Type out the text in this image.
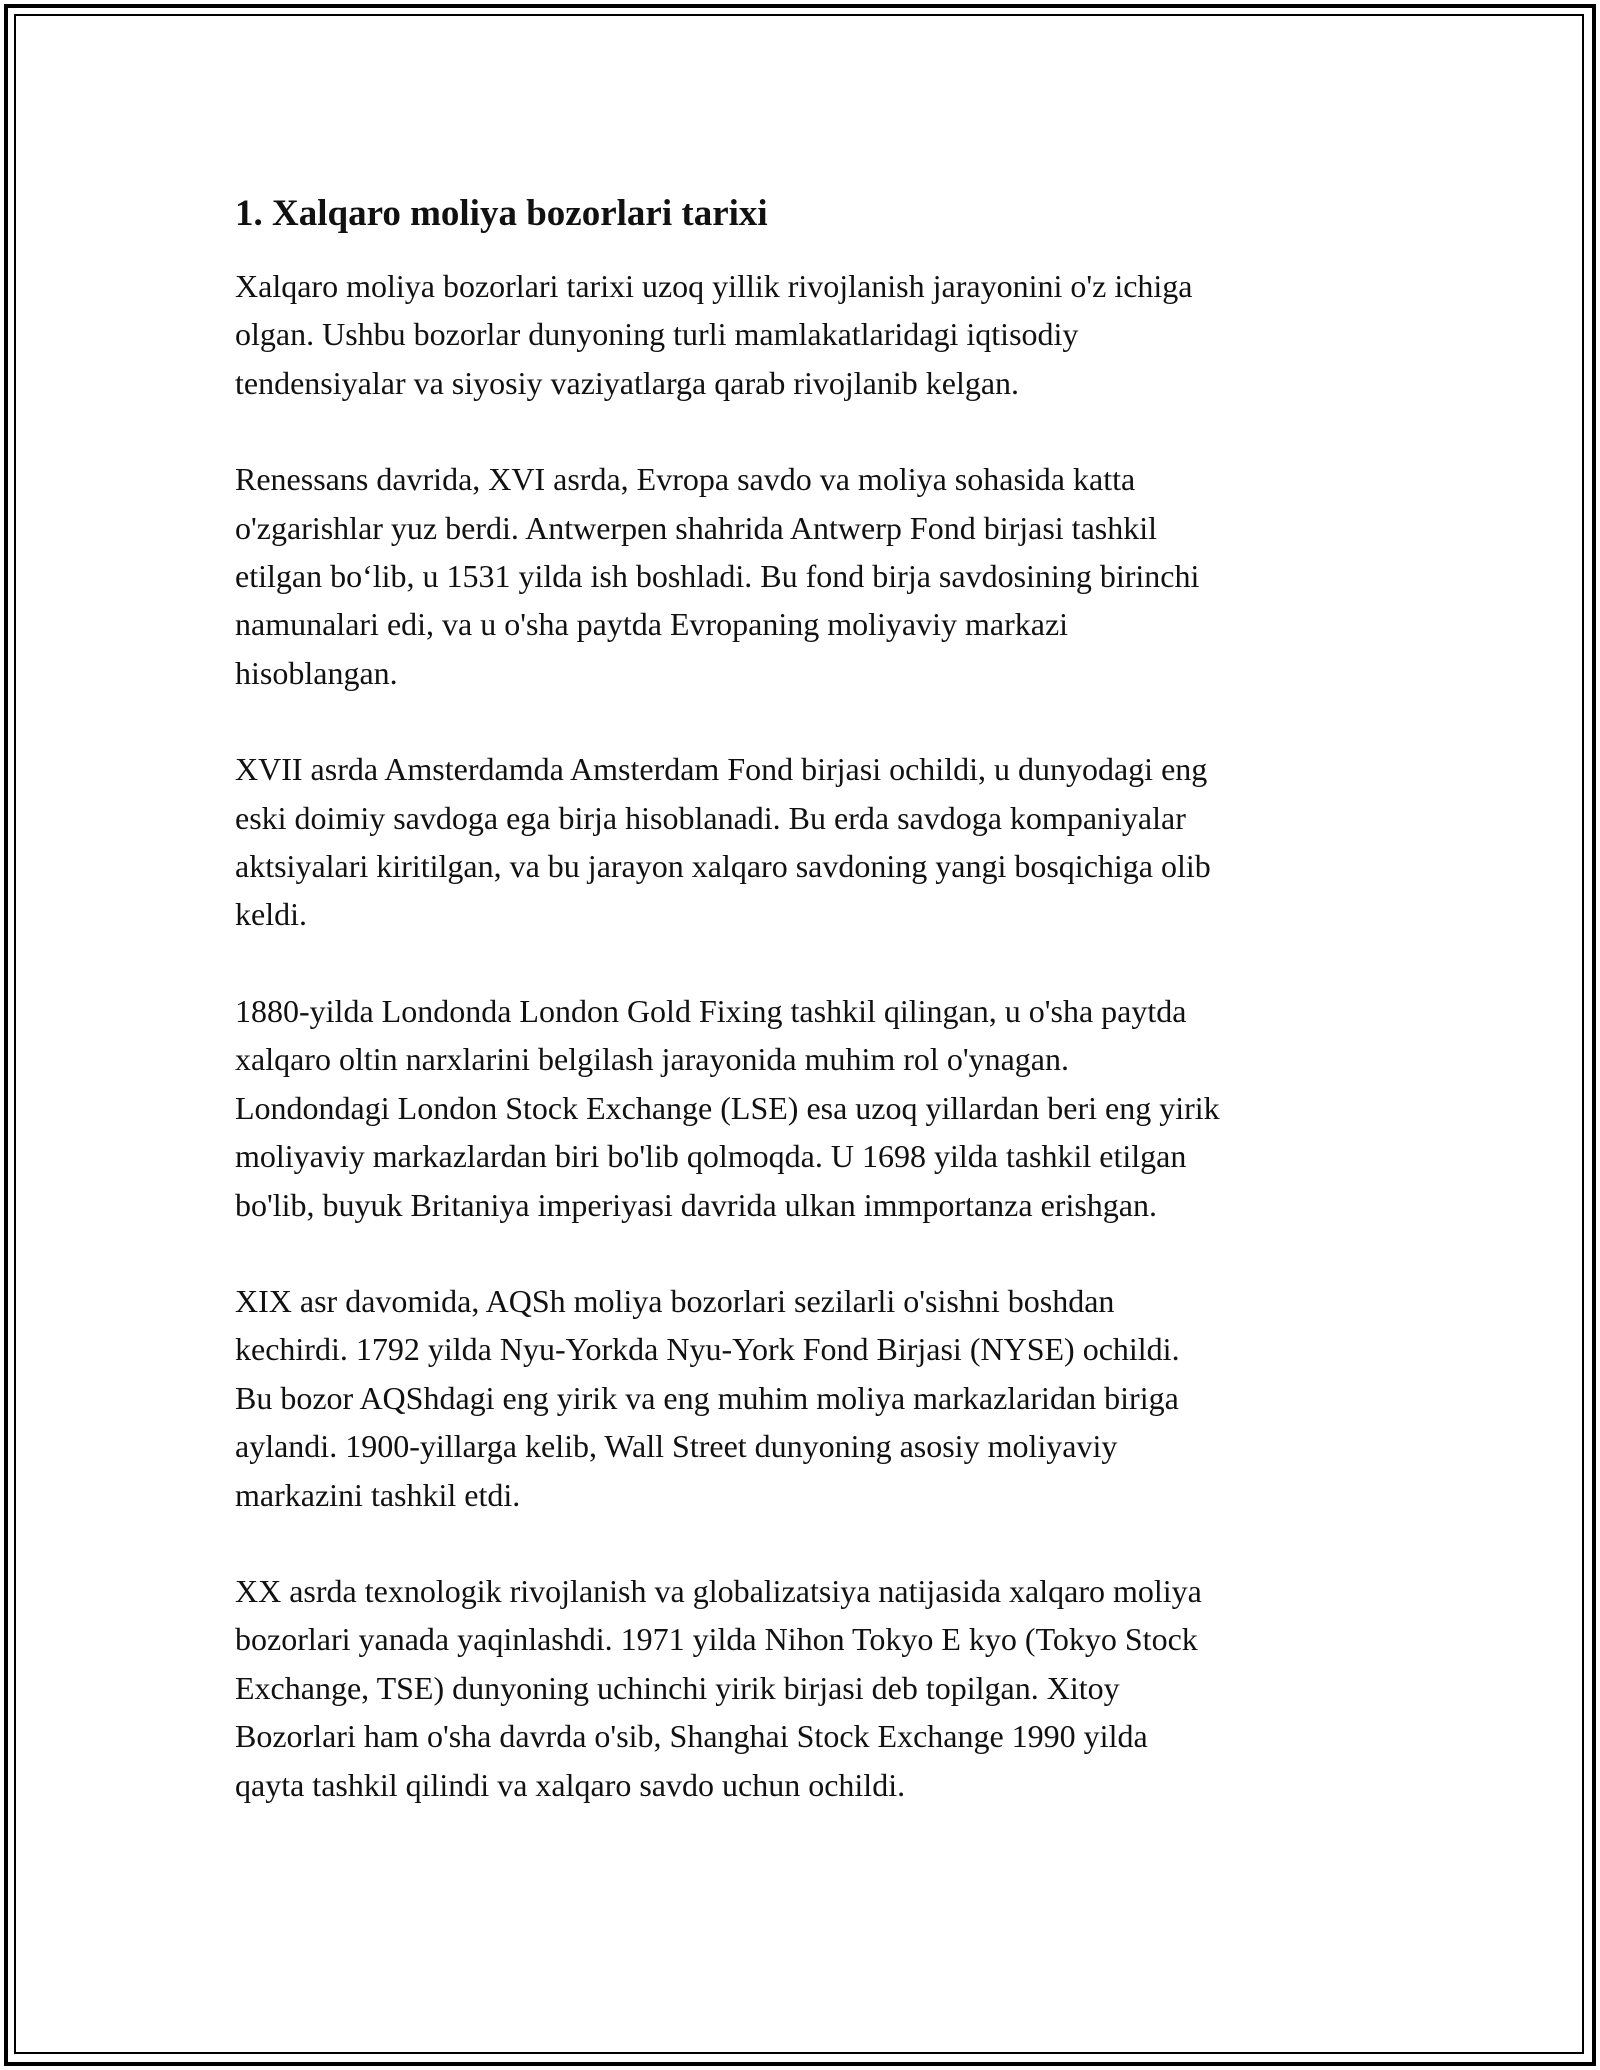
1. Xalqaro moliya bozorlari tarixi

Xalqaro moliya bozorlari tarixi uzoq yillik rivojlanish jarayonini o'z ichiga
olgan. Ushbu bozorlar dunyoning turli mamlakatlaridagi iqtisodiy
tendensiyalar va siyosiy vaziyatlarga qarab rivojlanib kelgan.

Renessans davrida, XVI asrda, Evropa savdo va moliya sohasida katta
o'zgarishlar yuz berdi. Antwerpen shahrida Antwerp Fond birjasi tashkil
etilgan bo‘lib, u 1531 yilda ish boshladi. Bu fond birja savdosining birinchi
namunalari edi, va u o'sha paytda Evropaning moliyaviy markazi
hisoblangan.

XVII asrda Amsterdamda Amsterdam Fond birjasi ochildi, u dunyodagi eng
eski doimiy savdoga ega birja hisoblanadi. Bu erda savdoga kompaniyalar
aktsiyalari kiritilgan, va bu jarayon xalqaro savdoning yangi bosqichiga olib
keldi.

1880-yilda Londonda London Gold Fixing tashkil qilingan, u o'sha paytda
xalqaro oltin narxlarini belgilash jarayonida muhim rol o'ynagan.
Londondagi London Stock Exchange (LSE) esa uzoq yillardan beri eng yirik
moliyaviy markazlardan biri bo'lib qolmoqda. U 1698 yilda tashkil etilgan
bo'lib, buyuk Britaniya imperiyasi davrida ulkan immportanza erishgan.

XIX asr davomida, AQSh moliya bozorlari sezilarli o'sishni boshdan
kechirdi. 1792 yilda Nyu-Yorkda Nyu-York Fond Birjasi (NYSE) ochildi.
Bu bozor AQShdagi eng yirik va eng muhim moliya markazlaridan biriga
aylandi. 1900-yillarga kelib, Wall Street dunyoning asosiy moliyaviy
markazini tashkil etdi.

XX asrda texnologik rivojlanish va globalizatsiya natijasida xalqaro moliya
bozorlari yanada yaqinlashdi. 1971 yilda Nihon Tokyo E kyo (Tokyo Stock
Exchange, TSE) dunyoning uchinchi yirik birjasi deb topilgan. Xitoy
Bozorlari ham o'sha davrda o'sib, Shanghai Stock Exchange 1990 yilda
qayta tashkil qilindi va xalqaro savdo uchun ochildi.
